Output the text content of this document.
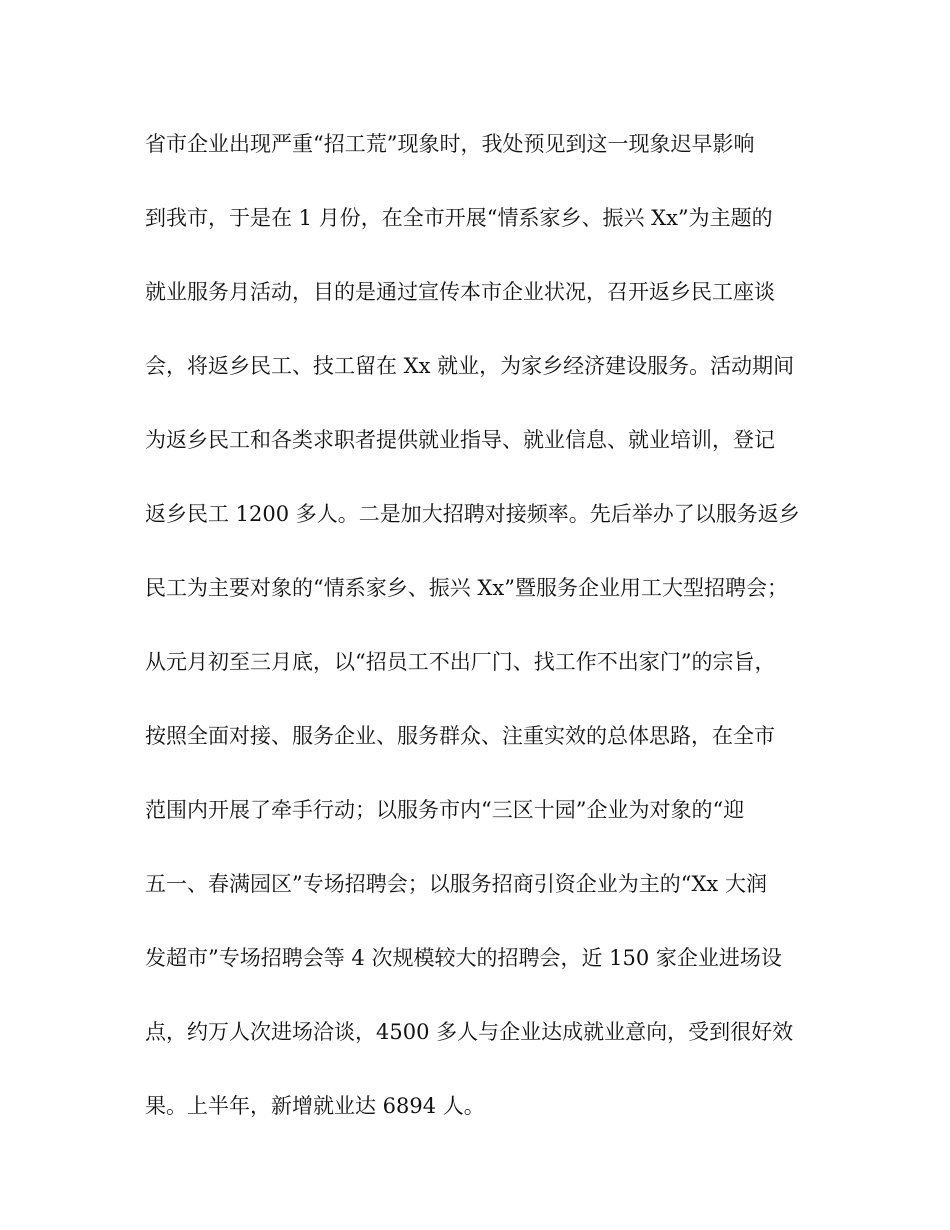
省市企业出现严重“招工荒”现象时，我处预见到这一现象迟早影响
到我市，于是在 1 月份，在全市开展“情系家乡、振兴 Xx”为主题的
就业服务月活动，目的是通过宣传本市企业状况，召开返乡民工座谈
会，将返乡民工、技工留在 Xx 就业，为家乡经济建设服务。活动期间
为返乡民工和各类求职者提供就业指导、就业信息、就业培训，登记
返乡民工 1200 多人。二是加大招聘对接频率。先后举办了以服务返乡
民工为主要对象的“情系家乡、振兴 Xx”暨服务企业用工大型招聘会；
从元月初至三月底，以“招员工不出厂门、找工作不出家门”的宗旨，
按照全面对接、服务企业、服务群众、注重实效的总体思路，在全市
范围内开展了牵手行动；以服务市内“三区十园”企业为对象的“迎
五一、春满园区”专场招聘会；以服务招商引资企业为主的“Xx 大润
发超市”专场招聘会等 4 次规模较大的招聘会，近 150 家企业进场设
点，约万人次进场洽谈，4500 多人与企业达成就业意向，受到很好效
果。上半年，新增就业达 6894 人。
